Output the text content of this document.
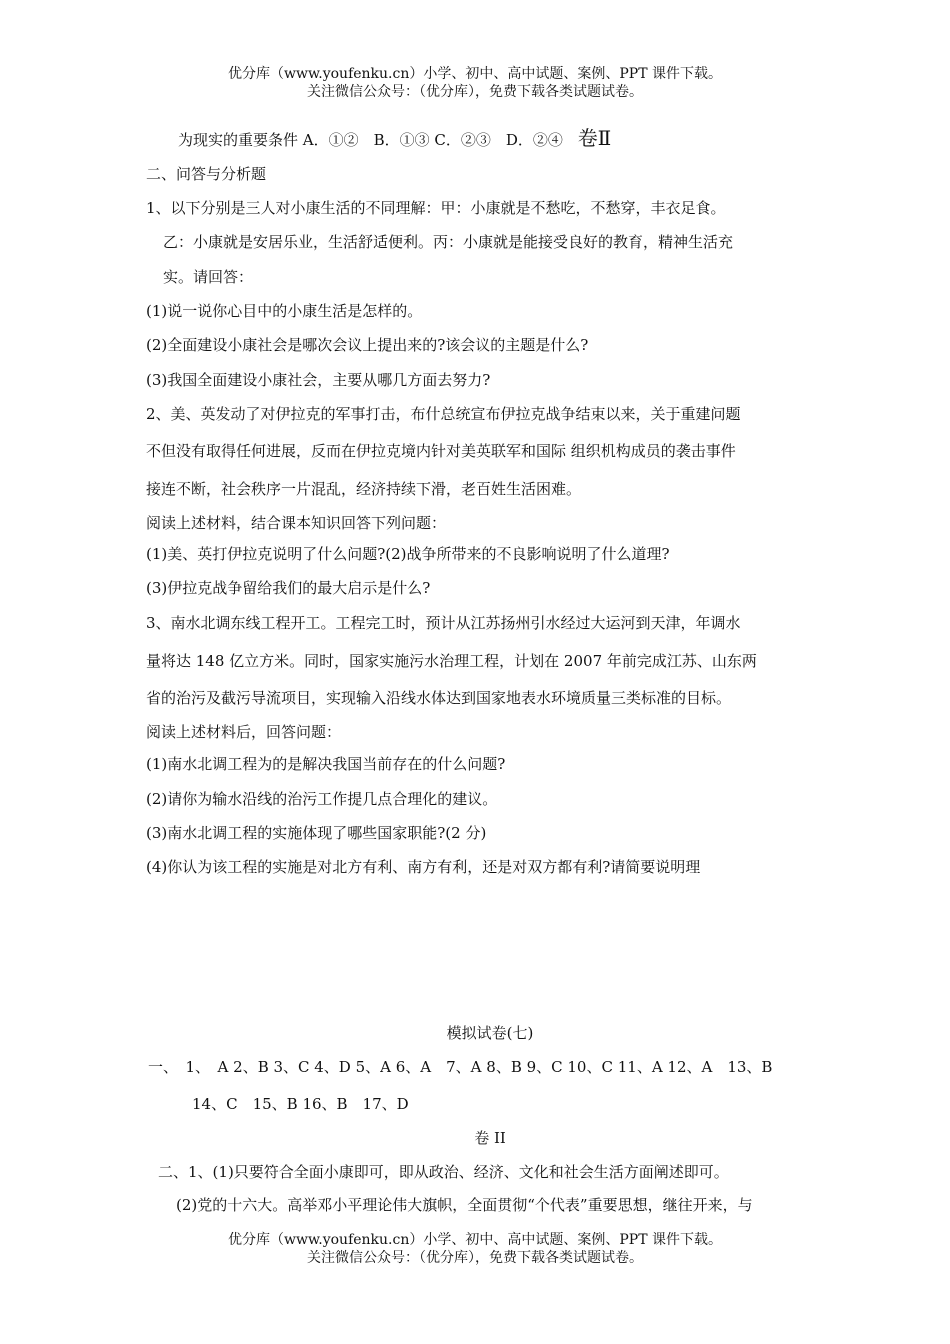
优分库（www.youfenku.cn）小学、初中、高中试题、案例、PPT 课件下载。
关注微信公众号：（优分库），免费下载各类试题试卷。
为现实的重要条件 A．①②　B．①③ C．②③　D．②④ 卷Ⅱ
二、问答与分析题
1、以下分别是三人对小康生活的不同理解：甲：小康就是不愁吃，不愁穿，丰衣足食。
乙：小康就是安居乐业，生活舒适便利。丙：小康就是能接受良好的教育，精神生活充
实。请回答：
(1)说一说你心目中的小康生活是怎样的。
(2)全面建设小康社会是哪次会议上提出来的?该会议的主题是什么?
(3)我国全面建设小康社会，主要从哪几方面去努力?
2、美、英发动了对伊拉克的军事打击，布什总统宣布伊拉克战争结束以来，关于重建问题
不但没有取得任何进展，反而在伊拉克境内针对美英联军和国际 组织机构成员的袭击事件
接连不断，社会秩序一片混乱，经济持续下滑，老百姓生活困难。
阅读上述材料，结合课本知识回答下列问题：
(1)美、英打伊拉克说明了什么问题?(2)战争所带来的不良影响说明了什么道理?
(3)伊拉克战争留给我们的最大启示是什么?
3、南水北调东线工程开工。工程完工时，预计从江苏扬州引水经过大运河到天津，年调水
量将达 148 亿立方米。同时，国家实施污水治理工程，计划在 2007 年前完成江苏、山东两
省的治污及截污导流项目，实现输入沿线水体达到国家地表水环境质量三类标准的目标。
阅读上述材料后，回答问题：
(1)南水北调工程为的是解决我国当前存在的什么问题?
(2)请你为输水沿线的治污工作提几点合理化的建议。
(3)南水北调工程的实施体现了哪些国家职能?(2 分)
(4)你认为该工程的实施是对北方有利、南方有利，还是对双方都有利?请简要说明理
模拟试卷(七)
一、　1、　A 2、B 3、C 4、D 5、A 6、A　7、A 8、B 9、C 10、C 11、A 12、A　13、B
14、C　15、B 16、B　17、D
卷 II
二、1、(1)只要符合全面小康即可，即从政治、经济、文化和社会生活方面阐述即可。
(2)党的十六大。高举邓小平理论伟大旗帜，全面贯彻“个代表”重要思想，继往开来，与
优分库（www.youfenku.cn）小学、初中、高中试题、案例、PPT 课件下载。
关注微信公众号：（优分库），免费下载各类试题试卷。
